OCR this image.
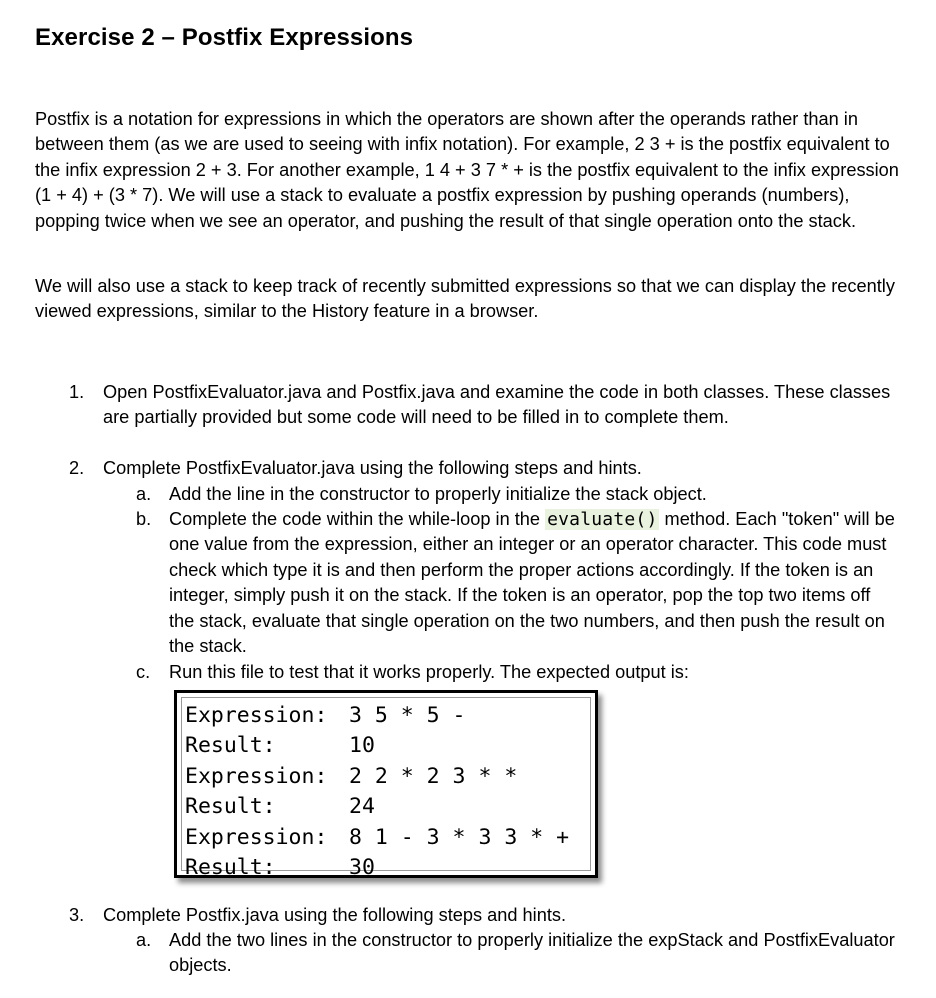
Exercise 2 – Postfix Expressions

Postfix is a notation for expressions in which the operators are shown after the operands rather than in between them (as we are used to seeing with infix notation). For example, 2 3 + is the postfix equivalent to the infix expression 2 + 3. For another example, 1 4 + 3 7 * + is the postfix equivalent to the infix expression (1 + 4) + (3 * 7). We will use a stack to evaluate a postfix expression by pushing operands (numbers), popping twice when we see an operator, and pushing the result of that single operation onto the stack.

We will also use a stack to keep track of recently submitted expressions so that we can display the recently viewed expressions, similar to the History feature in a browser.

1. Open PostfixEvaluator.java and Postfix.java and examine the code in both classes. These classes are partially provided but some code will need to be filled in to complete them.
2. Complete PostfixEvaluator.java using the following steps and hints.
a. Add the line in the constructor to properly initialize the stack object.
b. Complete the code within the while-loop in the evaluate() method. Each "token" will be one value from the expression, either an integer or an operator character. This code must check which type it is and then perform the proper actions accordingly. If the token is an integer, simply push it on the stack. If the token is an operator, pop the top two items off the stack, evaluate that single operation on the two numbers, and then push the result on the stack.
c. Run this file to test that it works properly. The expected output is:
Expression: 3 5 * 5 -
Result:	10
Expression: 2 2 * 2 3 * *
Result:	24
Expression: 8 1 - 3 * 3 3 * +
Result:	30
3. Complete Postfix.java using the following steps and hints.
a. Add the two lines in the constructor to properly initialize the expStack and PostfixEvaluator objects.
